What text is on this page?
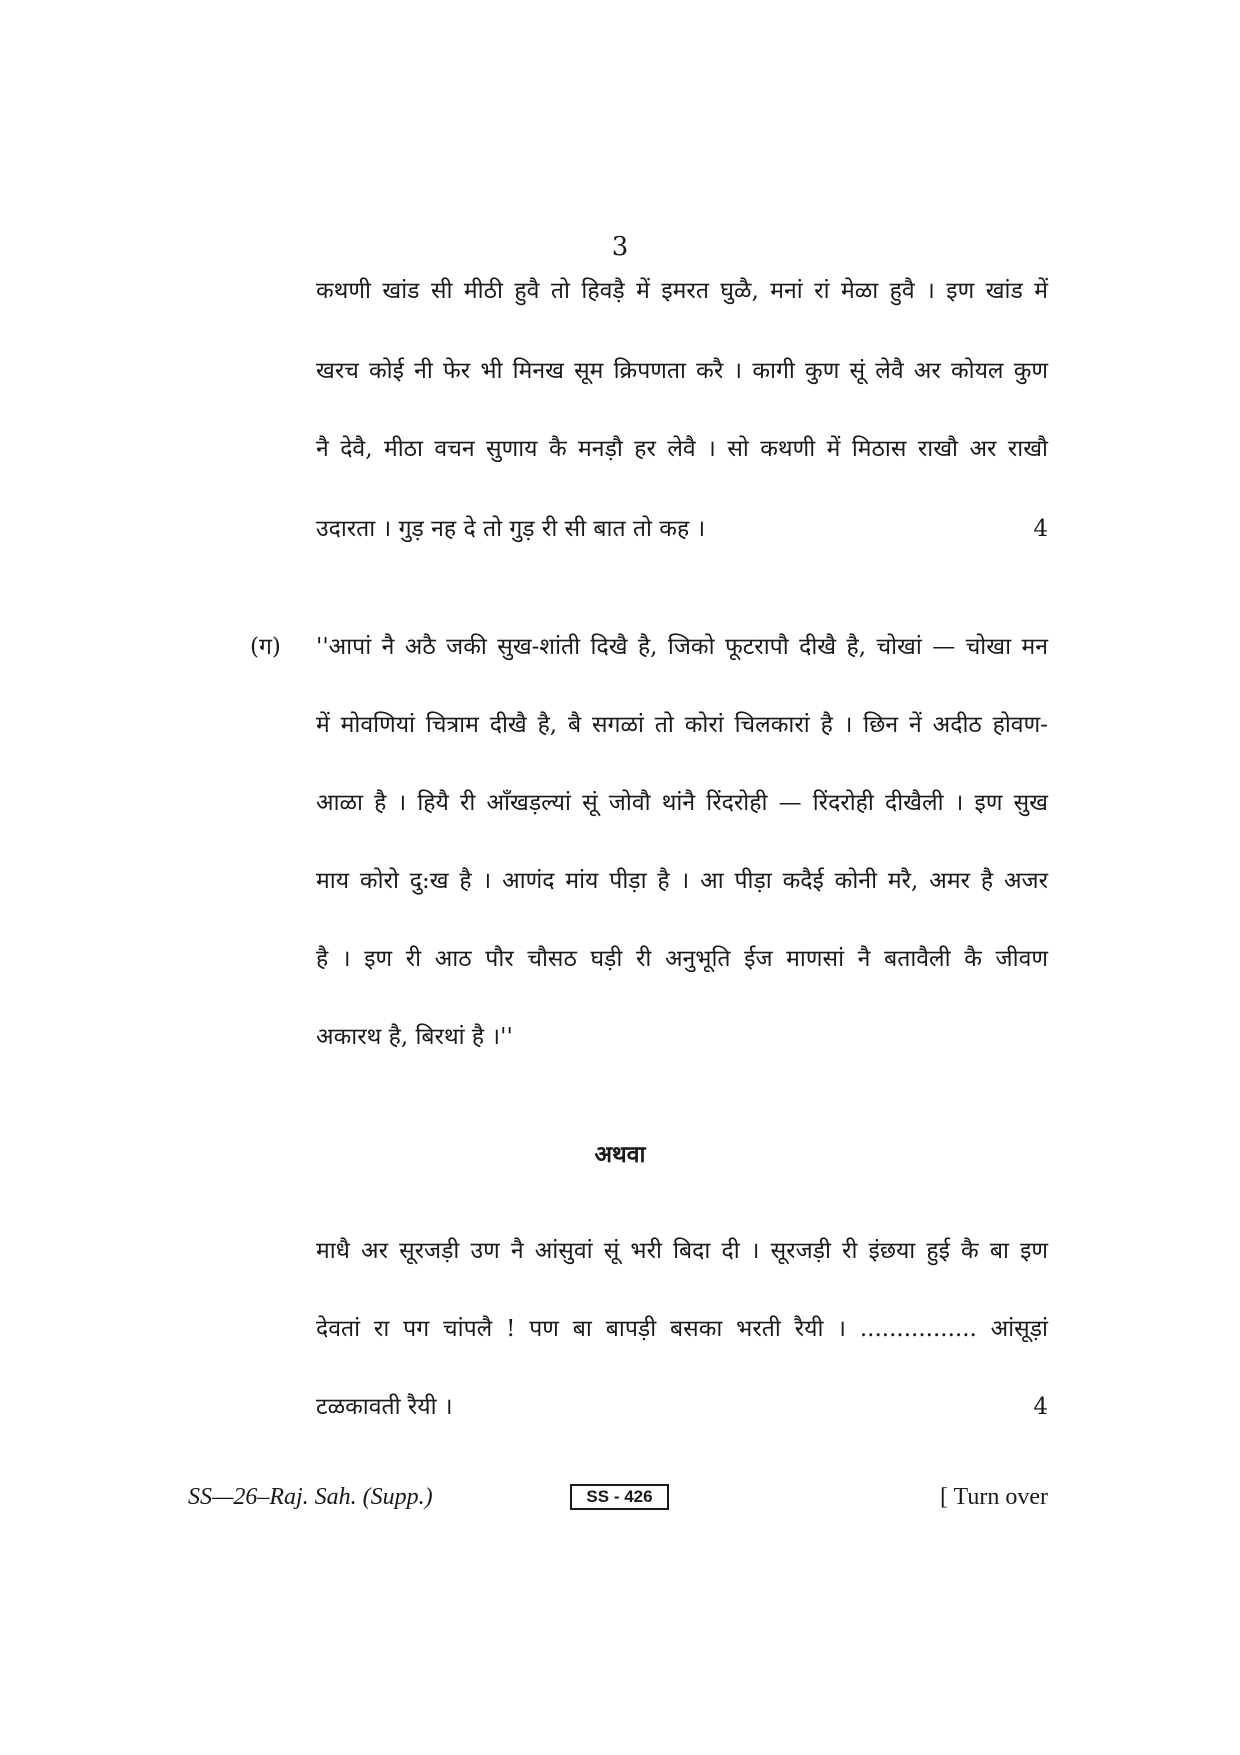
3
कथणी खांड सी मीठी हुवै तो हिवडै़ में इमरत घुळै, मनां रां मेळा हुवै । इण खांड में
खरच कोई नी फेर भी मिनख सूम क्रिपणता करै । कागी कुण सूं लेवै अर कोयल कुण
नै देवै, मीठा वचन सुणाय कै मनड़ौ हर लेवै । सो कथणी में मिठास राखौ अर राखौ
उदारता । गुड़ नह दे तो गुड़ री सी बात तो कह ।	4
(ग) ''आपां नै अठै जकी सुख-शांती दिखै है, जिको फूटरापौ दीखै है, चोखां — चोखा मन
में मोवणियां चित्राम दीखै है, बै सगळां तो कोरां चिलकारां है । छिन नें अदीठ होवण-
आळा है । हियै री आँखड़ल्यां सूं जोवौ थांनै रिंदरोही — रिंदरोही दीखैली । इण सुख
माय कोरो दु:ख है । आणंद मांय पीड़ा है । आ पीड़ा कदैई कोनी मरै, अमर है अजर
है । इण री आठ पौर चौसठ घड़ी री अनुभूति ईज माणसां नै बतावैली कै जीवण
अकारथ है, बिरथां है ।''
अथवा
माधै अर सूरजड़ी उण नै आंसुवां सूं भरी बिदा दी । सूरजड़ी री इंछया हुई कै बा इण
देवतां रा पग चांपलै ! पण बा बापड़ी बसका भरती रैयी । ................ आंसूड़ां
टळकावती रैयी ।	4
SS—26–Raj. Sah. (Supp.)	SS - 426	[ Turn over
